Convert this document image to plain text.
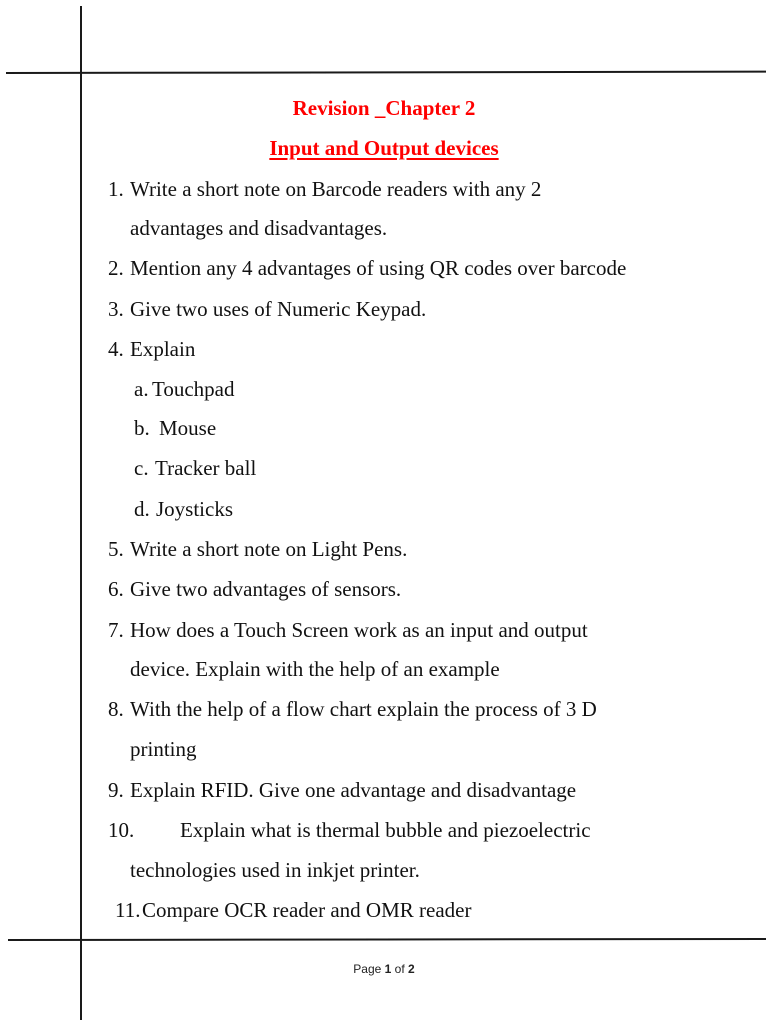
Revision _Chapter 2
Input and Output devices
1. Write a short note on Barcode readers with any 2
advantages and disadvantages.
2. Mention any 4 advantages of using QR codes over barcode
3. Give two uses of Numeric Keypad.
4. Explain
a. Touchpad
b. Mouse
c. Tracker ball
d. Joysticks
5. Write a short note on Light Pens.
6. Give two advantages of sensors.
7. How does a Touch Screen work as an input and output
device. Explain with the help of an example
8. With the help of a flow chart explain the process of 3 D
printing
9. Explain RFID. Give one advantage and disadvantage
10. Explain what is thermal bubble and piezoelectric
technologies used in inkjet printer.
11.Compare OCR reader and OMR reader
Page 1 of 2
